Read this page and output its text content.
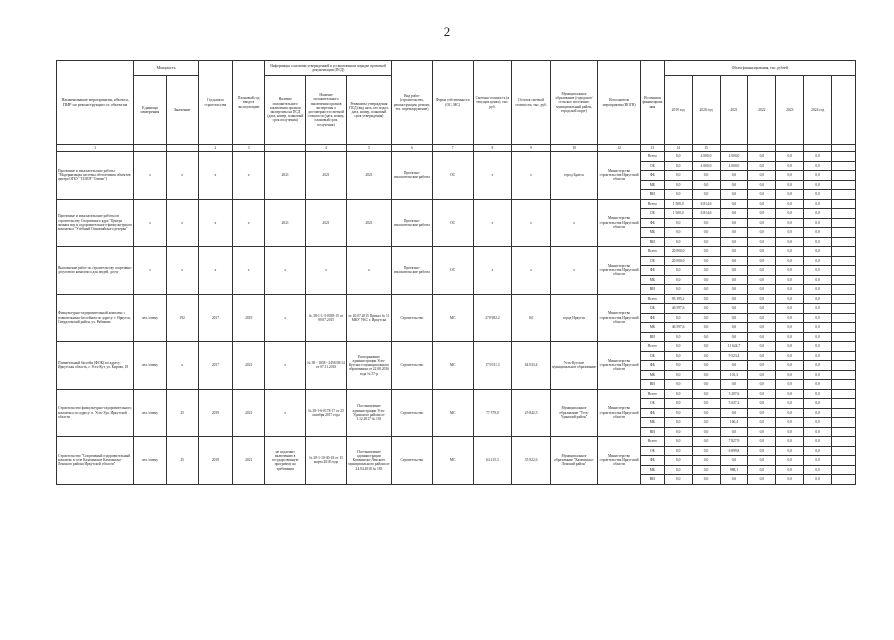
2
Наименование мероприятия, объекта, ПИР по реконструкции ос объектам	Мощность		Год начала строительства	Плановый год ввода в эксплуатацию	Информация о наличии утвержденной в установленном порядке проектной документации (ПСД)			Вид работ (строительство, реконструкция, ремонт, тех. перевооружение)	Форма собственности (ОС, МС)	Сметная стоимость (в текущих ценах), тыс. руб.	Остаток сметной стоимости, тыс. руб.	Муниципальное образование (городское/сельское поселение, муниципальный район, городской округ)	Исполнитель мероприятия (ИОГВ)	Источники финансирования	Объем финансирования, тыс. рублей						
	Единица измерения	Значение			Наличие положительного заключения органов экспертизы на ПСД (дата, номер, плановый срок получения)	Наличие положительного заключения органов экспертизы о достоверности сметной стоимости (дата, номер, плановый срок получения)	Реквизиты утверждения ПСД (вид акта, кто издал, дата, номер, плановый срок утверждения)								2019 год	2020 год	2021	2022	2023	2024 год	
1			2	3		4	5	6	7	8	9	10	12	13	14	15					
Проектные и изыскательские работы "Модернизация системы обеспечения объектов центра ОГБУ "СШОР "Олимп")	х	х	х	х	2021	2021	2021	Проектно-изыскательские работы	ОС	х	х	город Братск	Министерство строительства Иркутской области	Всего	0,0	4 000,0	4 000,0	0,0	0,0	0,0	
														ОБ	0,0	4 000,0	4 000,0	0,0	0,0	0,0	
														ФБ	0,0	0,0	0,0	0,0	0,0	0,0	
														МБ	0,0	0,0	0,0	0,0	0,0	0,0	
														ВИ	0,0	0,0	0,0	0,0	0,0	0,0	
Проектные и изыскательские работы по строительству Спортивного ядра "Центра зимних игр и оздоровительного-физкультурного комплекса "Учебный Олимпийского резерва"	х	х	х	х	2021	2021	2021	Проектно-изыскательские работы	ОС	х	х	х	Министерство строительства Иркутской области	Всего	1 500,0	6 814,6	0,0	0,0	0,0	0,0	
														ОБ	1 500,0	6 814,6	0,0	0,0	0,0	0,0	
														ФБ	0,0	0,0	0,0	0,0	0,0	0,0	
														МБ	0,0	0,0	0,0	0,0	0,0	0,0	
														ВИ	0,0	0,0	0,0	0,0	0,0	0,0	
Выполнение работ по строительству спортивно-досугового комплекса для людей, досуг	х	х	х	х	х	х	х	Проектно-изыскательские работы	ОС	х	х	х	Министерство строительства Иркутской области	Всего	20 000,0	0,0	0,0	0,0	0,0	0,0	
														ОБ	20 000,0	0,0	0,0	0,0	0,0	0,0	
														ФБ	0,0	0,0	0,0	0,0	0,0	0,0	
														МБ	0,0	0,0	0,0	0,0	0,0	0,0	
														ВИ	0,0	0,0	0,0	0,0	0,0	0,0	
Физкультурно-оздоровительный комплекс с плавательным бассейном по адресу: г. Иркутск, Свердловский район, ул. Рябикова	чел./смену	192	2017	2019	х	№ 38-1-1-3-0038-15 от 09.07.2015	от 20.07.2015 Приказ № 11 МКУ УКС г. Иркутска	Строительство	МС	270 982,2	0,0	город Иркутск	Министерство строительства Иркутской области	Всего	93 195,2	0,0	0,0	0,0	0,0	0,0	
														ОБ	46 597,6	0,0	0,0	0,0	0,0	0,0	
														ФБ	0,0	0,0	0,0	0,0	0,0	0,0	
														МБ	46 597,6	0,0	0,0	0,0	0,0	0,0	
														ВИ	0,0	0,0	0,0	0,0	0,0	0,0	
Плавательный бассейн (ФОК) по адресу: Иркутская область, г. Усть-Кут, ул. Кирова, 18	чел./смену	х	2017	2021	х	№ 38 - 1658 - 2458 08/14 от 07.11.2016	Распоряжение администрации Усть-Кутского муниципального образования от 22.08.2016 года № 57-р	Строительство	МС	173 031,3	64 033,4	Усть-Кутское муниципальное образование	Министерство строительства Иркутской области	Всего	0,0	0,0	11 624,7	0,0	0,0	0,0	
														ОБ	0,0	0,0	9 523,4	0,0	0,0	0,0	
														ФБ	0,0	0,0	0,0	0,0	0,0	0,0	
														МБ	0,0	0,0	101,3	0,0	0,0	0,0	
														ВИ	0,0	0,0	0,0	0,0	0,0	0,0	
Строительство физкультурно-оздоровительного комплекса по адресу: п. Усть-Уда, Иркутской области	чел./смену	25	2019	2021	х	№ 38-1-6-0178-17 от 25 октября 2017 года	Постановление администрации Усть-Удинского района от 1.12.2017 № 181	Строительство	МС	77 579,0	25 842,5	Муниципальное образование "Усть-Удинский район"	Министерство строительства Иркутской области	Всего	0,0	0,0	5 207,6	0,0	0,0	0,0	
														ОБ	0,0	0,0	5 047,2	0,0	0,0	0,0	
														ФБ	0,0	0,0	0,0	0,0	0,0	0,0	
														МБ	0,0	0,0	160,4	0,0	0,0	0,0	
														ВИ	0,0	0,0	0,0	0,0	0,0	0,0	
Строительство "Спортивный оздоровительный комплекс в селе Казачинское Казачинско-Ленского района Иркутской области"	чел./смену	25	2019	2021	не подлежит включению в государственную программу на требования	№ 38-1-10-30-18 от 15 марта 2018 года	Постановление администрации Казачинско-Ленского муниципального района от 24.04.2018 № 183	Строительство	МС	64 215,3	35 922,6	Муниципальное образование "Казачинско-Ленский район"	Министерство строительства Иркутской области	Всего	0,0	0,0	7 827,9	0,0	0,0	0,0	
														ОБ	0,0	0,0	6 899,8	0,0	0,0	0,0	
														ФБ	0,0	0,0	0,0	0,0	0,0	0,0	
														МБ	0,0	0,0	988,1	0,0	0,0	0,0	
														ВИ	0,0	0,0	0,0	0,0	0,0	0,0	
